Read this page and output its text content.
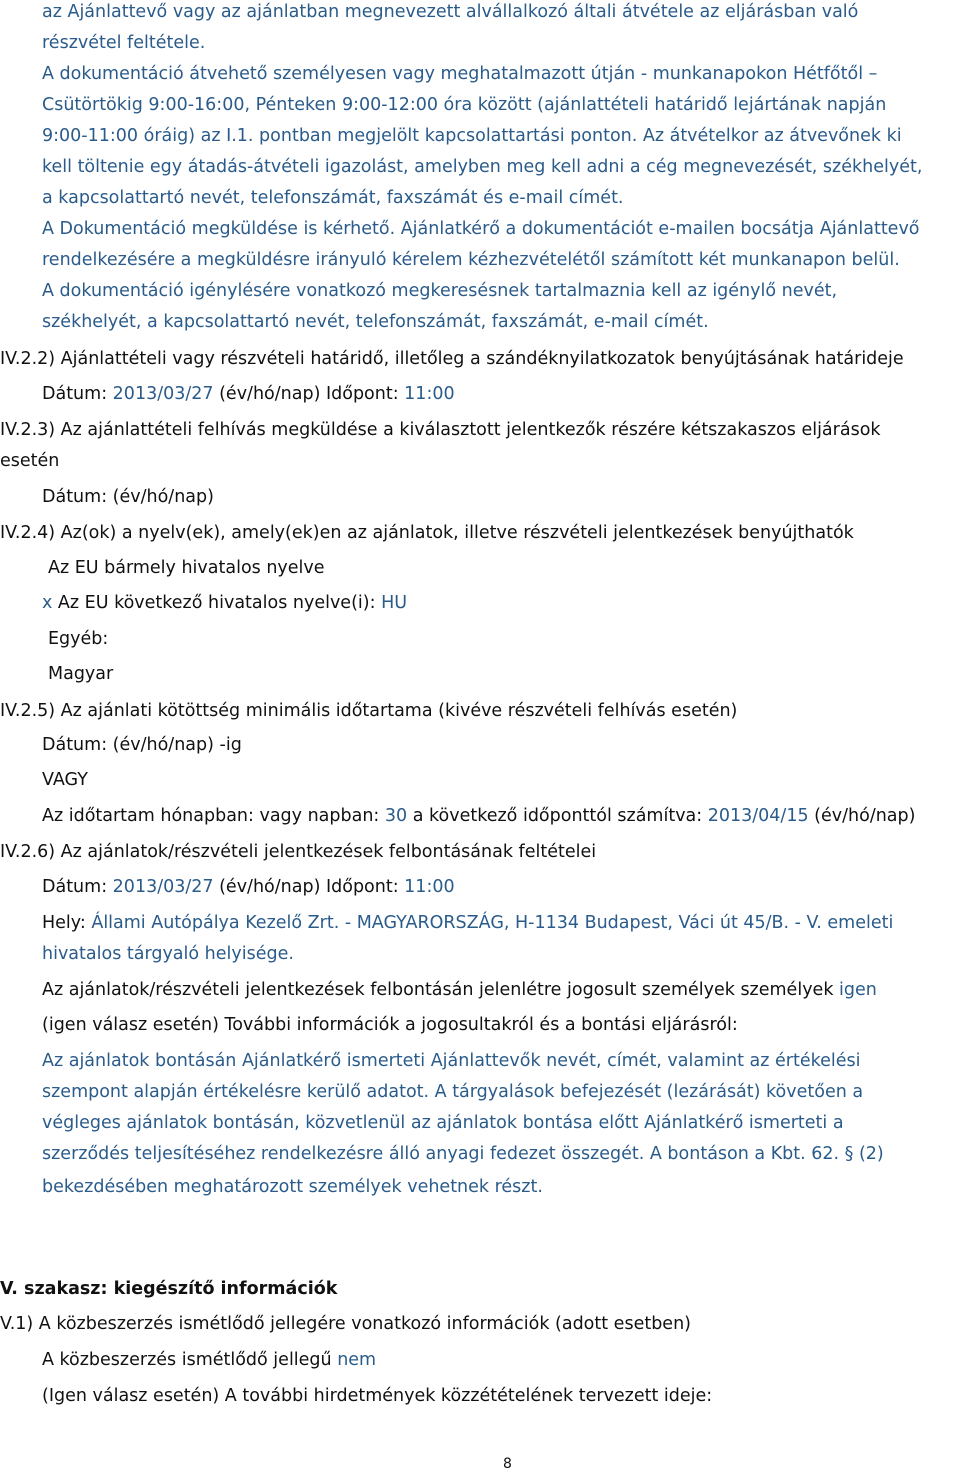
az Ajánlattevő vagy az ajánlatban megnevezett alvállalkozó általi átvétele az eljárásban való
részvétel feltétele.
A dokumentáció átvehető személyesen vagy meghatalmazott útján - munkanapokon Hétfőtől –
Csütörtökig 9:00-16:00, Pénteken 9:00-12:00 óra között (ajánlattételi határidő lejártának napján
9:00-11:00 óráig) az I.1. pontban megjelölt kapcsolattartási ponton. Az átvételkor az átvevőnek ki
kell töltenie egy átadás-átvételi igazolást, amelyben meg kell adni a cég megnevezését, székhelyét,
a kapcsolattartó nevét, telefonszámát, faxszámát és e-mail címét.
A Dokumentáció megküldése is kérhető. Ajánlatkérő a dokumentációt e-mailen bocsátja Ajánlattevő
rendelkezésére a megküldésre irányuló kérelem kézhezvételétől számított két munkanapon belül.
A dokumentáció igénylésére vonatkozó megkeresésnek tartalmaznia kell az igénylő nevét,
székhelyét, a kapcsolattartó nevét, telefonszámát, faxszámát, e-mail címét.
IV.2.2) Ajánlattételi vagy részvételi határidő, illetőleg a szándéknyilatkozatok benyújtásának határideje
Dátum: 2013/03/27 (év/hó/nap) Időpont: 11:00
IV.2.3) Az ajánlattételi felhívás megküldése a kiválasztott jelentkezők részére kétszakaszos eljárások
esetén
Dátum: (év/hó/nap)
IV.2.4) Az(ok) a nyelv(ek), amely(ek)en az ajánlatok, illetve részvételi jelentkezések benyújthatók
Az EU bármely hivatalos nyelve
x Az EU következő hivatalos nyelve(i): HU
Egyéb:
Magyar
IV.2.5) Az ajánlati kötöttség minimális időtartama (kivéve részvételi felhívás esetén)
Dátum: (év/hó/nap) -ig
VAGY
Az időtartam hónapban: vagy napban: 30 a következő időponttól számítva: 2013/04/15 (év/hó/nap)
IV.2.6) Az ajánlatok/részvételi jelentkezések felbontásának feltételei
Dátum: 2013/03/27 (év/hó/nap) Időpont: 11:00
Hely: Állami Autópálya Kezelő Zrt. - MAGYARORSZÁG, H-1134 Budapest, Váci út 45/B. - V. emeleti
hivatalos tárgyaló helyisége.
Az ajánlatok/részvételi jelentkezések felbontásán jelenlétre jogosult személyek személyek igen
(igen válasz esetén) További információk a jogosultakról és a bontási eljárásról:
Az ajánlatok bontásán Ajánlatkérő ismerteti Ajánlattevők nevét, címét, valamint az értékelési
szempont alapján értékelésre kerülő adatot. A tárgyalások befejezését (lezárását) követően a
végleges ajánlatok bontásán, közvetlenül az ajánlatok bontása előtt Ajánlatkérő ismerteti a
szerződés teljesítéséhez rendelkezésre álló anyagi fedezet összegét. A bontáson a Kbt. 62. § (2)
bekezdésében meghatározott személyek vehetnek részt.
V. szakasz: kiegészítő információk
V.1) A közbeszerzés ismétlődő jellegére vonatkozó információk (adott esetben)
A közbeszerzés ismétlődő jellegű nem
(Igen válasz esetén) A további hirdetmények közzétételének tervezett ideje:
8
